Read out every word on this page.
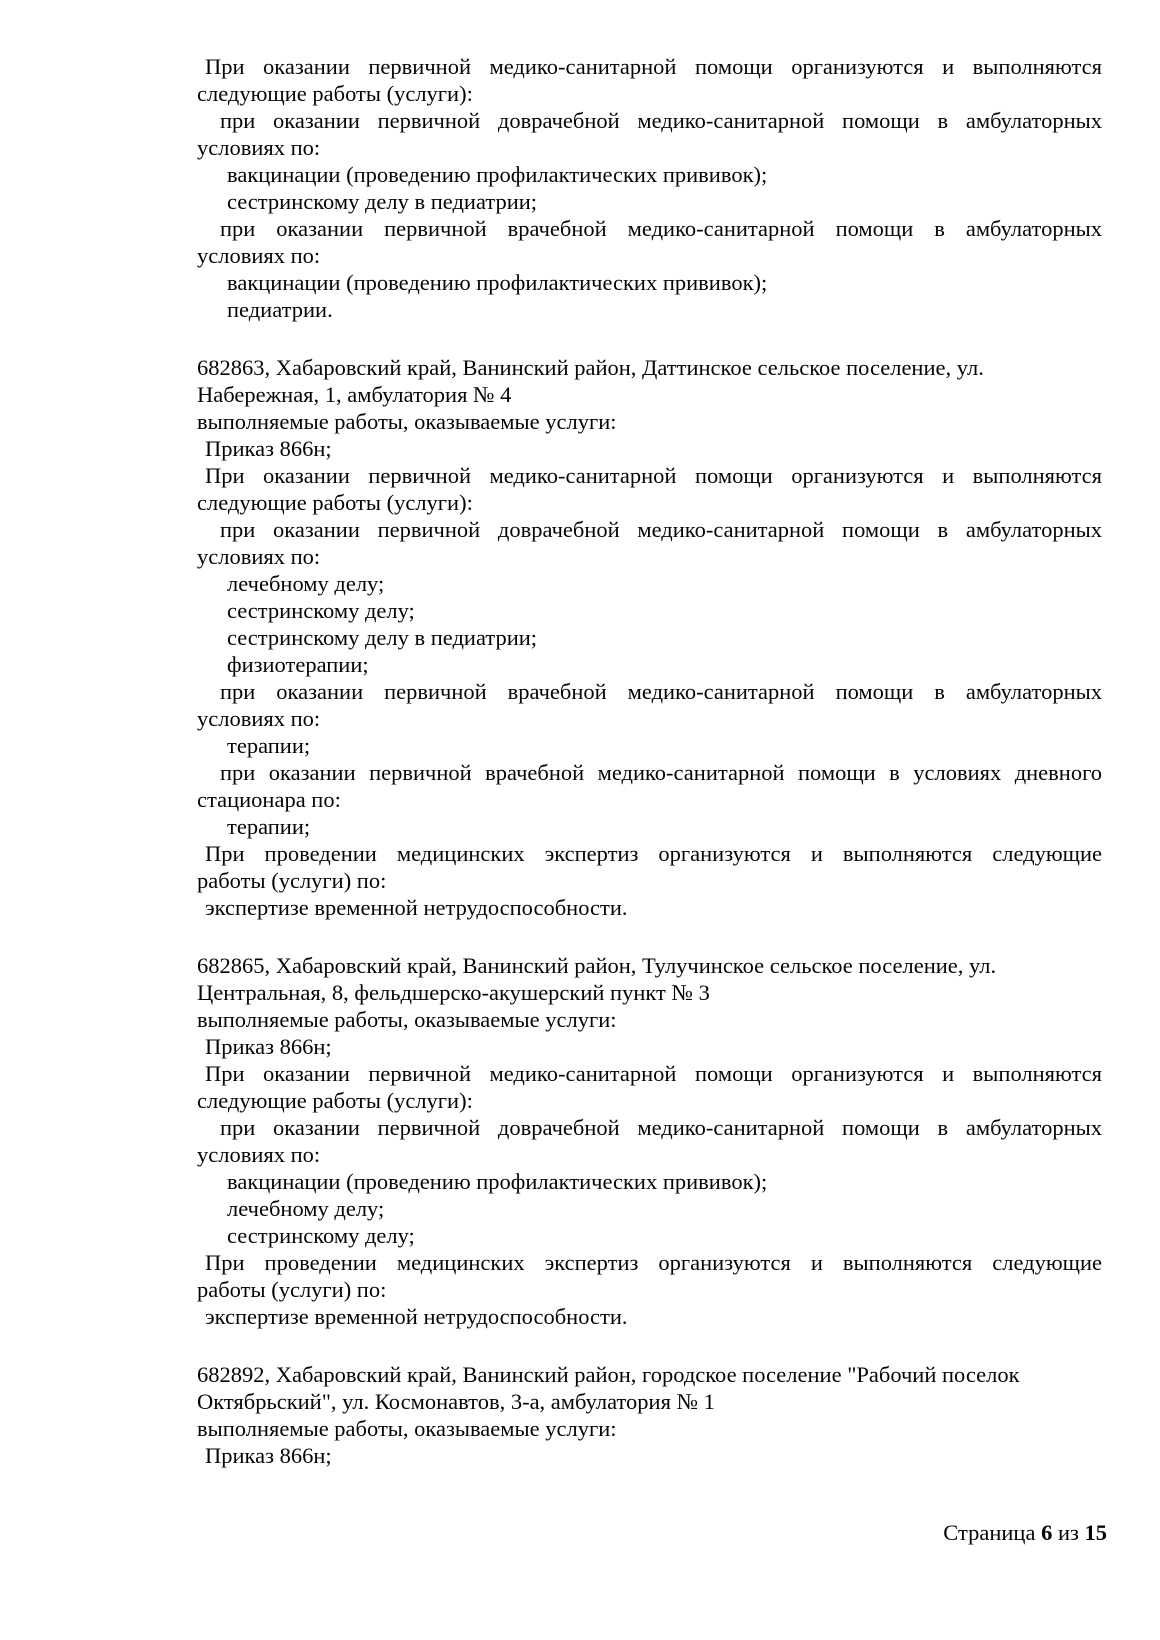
При оказании первичной медико-санитарной помощи организуются и выполняются
следующие работы (услуги):
при оказании первичной доврачебной медико-санитарной помощи в амбулаторных
условиях по:
вакцинации (проведению профилактических прививок);
сестринскому делу в педиатрии;
при оказании первичной врачебной медико-санитарной помощи в амбулаторных
условиях по:
вакцинации (проведению профилактических прививок);
педиатрии.
682863, Хабаровский край, Ванинский район, Даттинское сельское поселение, ул.
Набережная, 1, амбулатория № 4
выполняемые работы, оказываемые услуги:
Приказ 866н;
При оказании первичной медико-санитарной помощи организуются и выполняются
следующие работы (услуги):
при оказании первичной доврачебной медико-санитарной помощи в амбулаторных
условиях по:
лечебному делу;
сестринскому делу;
сестринскому делу в педиатрии;
физиотерапии;
при оказании первичной врачебной медико-санитарной помощи в амбулаторных
условиях по:
терапии;
при оказании первичной врачебной медико-санитарной помощи в условиях дневного
стационара по:
терапии;
При проведении медицинских экспертиз организуются и выполняются следующие
работы (услуги) по:
экспертизе временной нетрудоспособности.
682865, Хабаровский край, Ванинский район, Тулучинское сельское поселение, ул.
Центральная, 8, фельдшерско-акушерский пункт № 3
выполняемые работы, оказываемые услуги:
Приказ 866н;
При оказании первичной медико-санитарной помощи организуются и выполняются
следующие работы (услуги):
при оказании первичной доврачебной медико-санитарной помощи в амбулаторных
условиях по:
вакцинации (проведению профилактических прививок);
лечебному делу;
сестринскому делу;
При проведении медицинских экспертиз организуются и выполняются следующие
работы (услуги) по:
экспертизе временной нетрудоспособности.
682892, Хабаровский край, Ванинский район, городское поселение "Рабочий поселок
Октябрьский", ул. Космонавтов, 3-а, амбулатория № 1
выполняемые работы, оказываемые услуги:
Приказ 866н;
Страница 6 из 15
